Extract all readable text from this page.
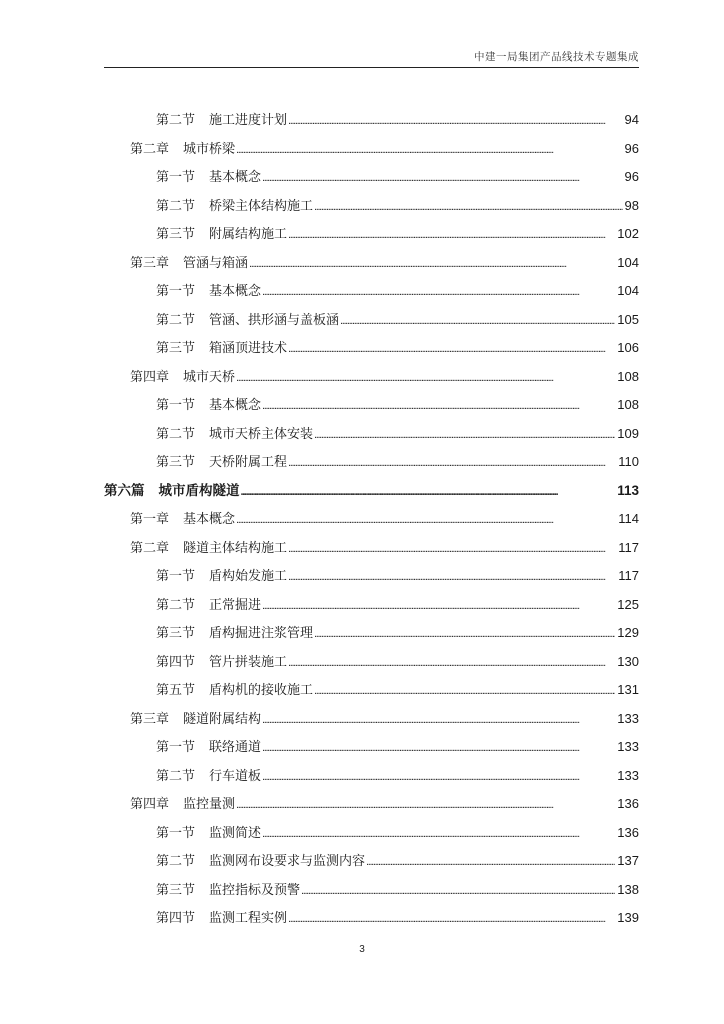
中建一局集团产品线技术专题集成
第二节 施工进度计划 . . .	94
第二章 城市桥梁 . . .	96
第一节 基本概念 . . .	96
第二节 桥梁主体结构施工 . . .	98
第三节 附属结构施工 . . .	102
第三章 管涵与箱涵 . . .	104
第一节 基本概念 . . .	104
第二节 管涵、拱形涵与盖板涵 . . .	105
第三节 箱涵顶进技术 . . .	106
第四章 城市天桥 . . .	108
第一节 基本概念 . . .	108
第二节 城市天桥主体安装 . . .	109
第三节 天桥附属工程 . . .	110
第六篇 城市盾构隧道 . . .	113
第一章 基本概念 . . .	114
第二章 隧道主体结构施工 . . .	117
第一节 盾构始发施工 . . .	117
第二节 正常掘进 . . .	125
第三节 盾构掘进注浆管理 . . .	129
第四节 管片拼装施工 . . .	130
第五节 盾构机的接收施工 . . .	131
第三章 隧道附属结构 . . .	133
第一节 联络通道 . . .	133
第二节 行车道板 . . .	133
第四章 监控量测 . . .	136
第一节 监测简述 . . .	136
第二节 监测网布设要求与监测内容 . . .	137
第三节 监控指标及预警 . . .	138
第四节 监测工程实例 . . .	139
3
